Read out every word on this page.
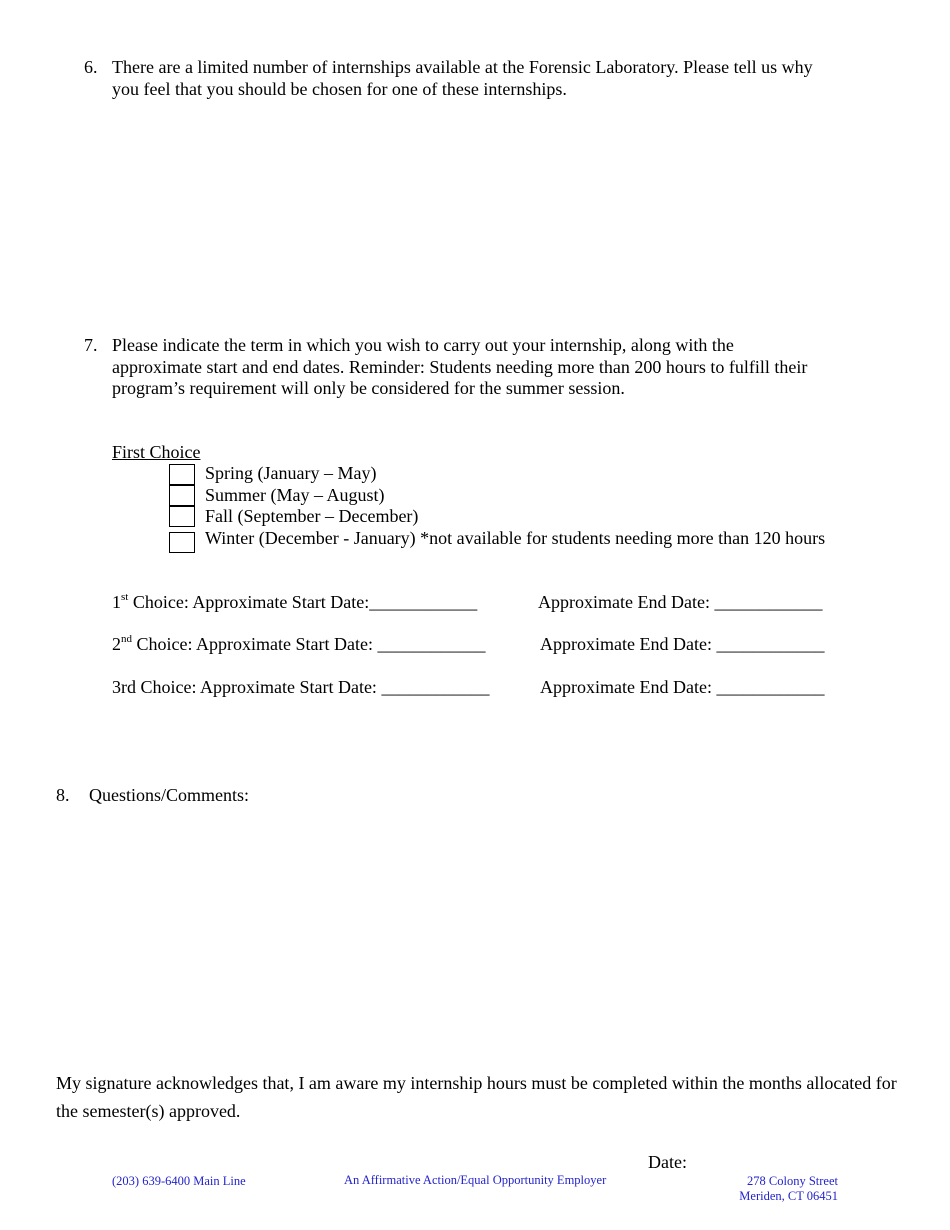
6. There are a limited number of internships available at the Forensic Laboratory. Please tell us why you feel that you should be chosen for one of these internships.
7. Please indicate the term in which you wish to carry out your internship, along with the approximate start and end dates. Reminder: Students needing more than 200 hours to fulfill their program’s requirement will only be considered for the summer session.
First Choice
Spring (January – May)
Summer (May – August)
Fall (September – December)
Winter (December - January) *not available for students needing more than 120 hours
1st Choice: Approximate Start Date:____________	Approximate End Date: ____________
2nd Choice: Approximate Start Date: ____________	Approximate End Date: ____________
3rd Choice: Approximate Start Date: ____________	Approximate End Date: ____________
8. Questions/Comments:
My signature acknowledges that, I am aware my internship hours must be completed within the months allocated for the semester(s) approved.
Date:
(203) 639-6400 Main Line	An Affirmative Action/Equal Opportunity Employer	278 Colony Street
Meriden, CT 06451
